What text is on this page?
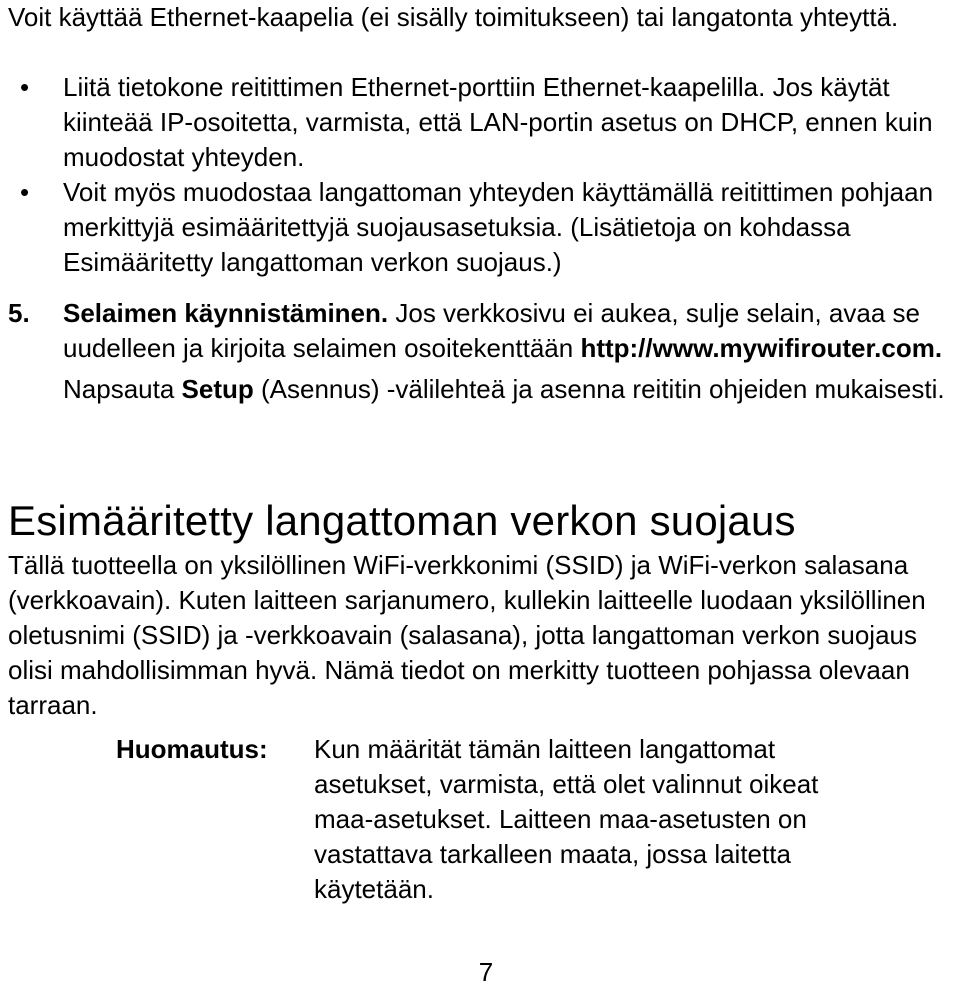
Voit käyttää Ethernet-kaapelia (ei sisälly toimitukseen) tai langatonta yhteyttä.

• Liitä tietokone reitittimen Ethernet-porttiin Ethernet-kaapelilla. Jos käytät kiinteää IP-osoitetta, varmista, että LAN-portin asetus on DHCP, ennen kuin muodostat yhteyden.
• Voit myös muodostaa langattoman yhteyden käyttämällä reitittimen pohjaan merkittyjä esimääritettyjä suojausasetuksia. (Lisätietoja on kohdassa Esimääritetty langattoman verkon suojaus.)
5. Selaimen käynnistäminen. Jos verkkosivu ei aukea, sulje selain, avaa se uudelleen ja kirjoita selaimen osoitekenttään http://www.mywifirouter.com.

Napsauta Setup (Asennus) -välilehteä ja asenna reititin ohjeiden mukaisesti.

Esimääritetty langattoman verkon suojaus

Tällä tuotteella on yksilöllinen WiFi-verkkonimi (SSID) ja WiFi-verkon salasana (verkkoavain). Kuten laitteen sarjanumero, kullekin laitteelle luodaan yksilöllinen oletusnimi (SSID) ja -verkkoavain (salasana), jotta langattoman verkon suojaus olisi mahdollisimman hyvä. Nämä tiedot on merkitty tuotteen pohjassa olevaan tarraan.

Huomautus: Kun määrität tämän laitteen langattomat asetukset, varmista, että olet valinnut oikeat maa-asetukset. Laitteen maa-asetusten on vastattava tarkalleen maata, jossa laitetta käytetään.

7
